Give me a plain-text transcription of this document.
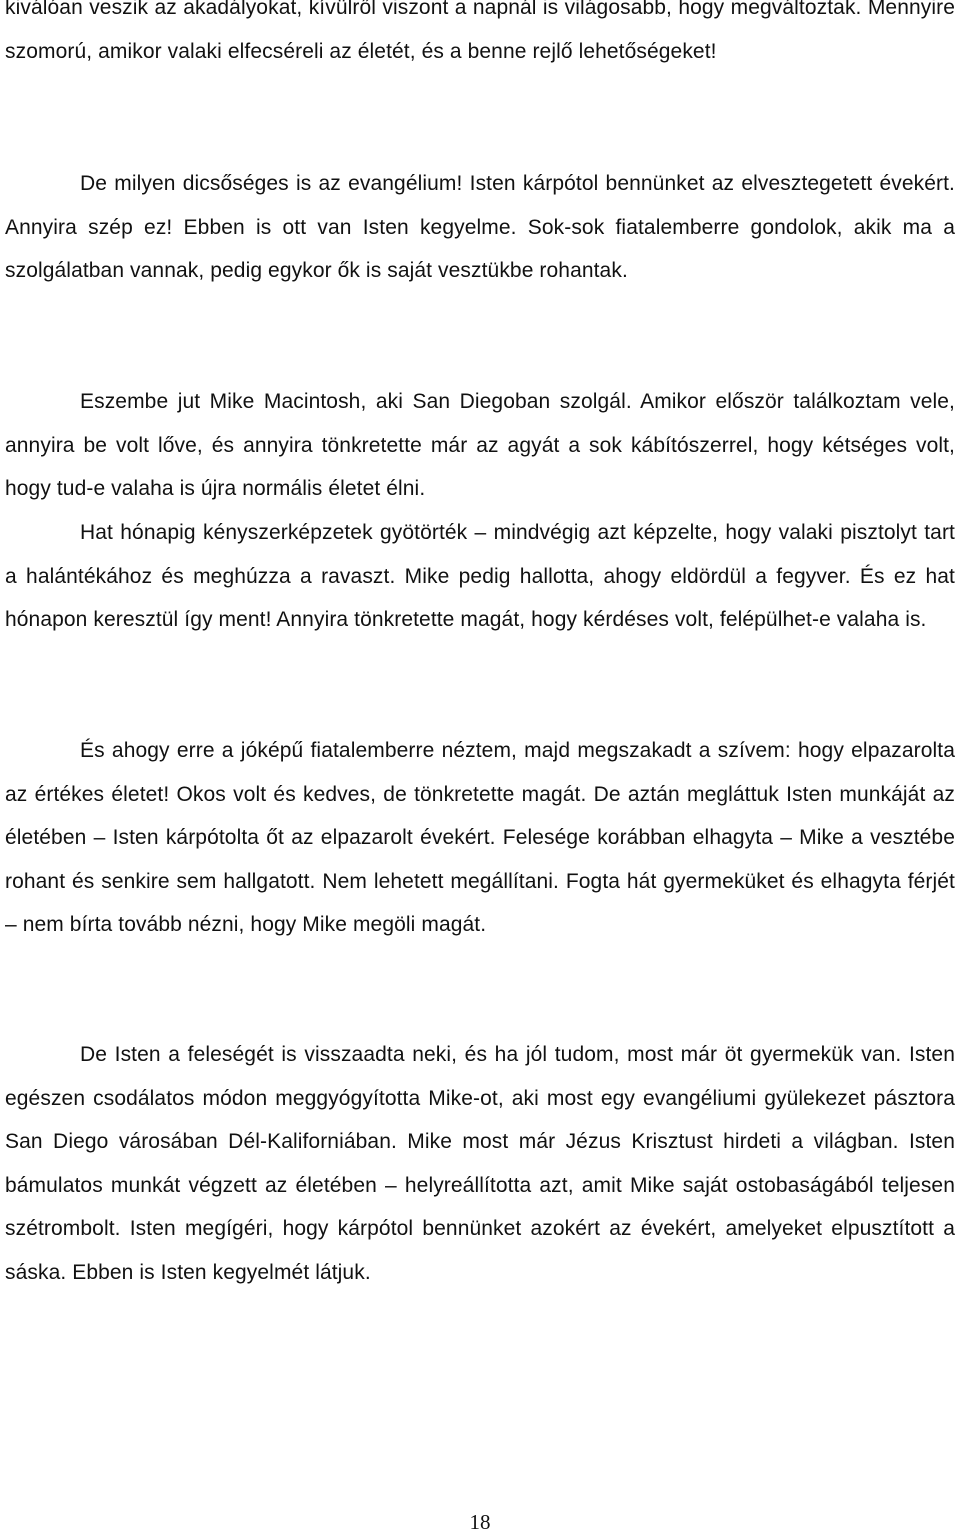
kiválóan veszik az akadályokat, kívülről viszont a napnál is világosabb, hogy megváltoztak. Mennyire szomorú, amikor valaki elfecséreli az életét, és a benne rejlő lehetőségeket!

De milyen dicsőséges is az evangélium! Isten kárpótol bennünket az elvesztegetett évekért. Annyira szép ez! Ebben is ott van Isten kegyelme. Sok-sok fiatalemberre gondolok, akik ma a szolgálatban vannak, pedig egykor ők is saját vesztükbe rohantak.

Eszembe jut Mike Macintosh, aki San Diegoban szolgál. Amikor először találkoztam vele, annyira be volt lőve, és annyira tönkretette már az agyát a sok kábítószerrel, hogy kétséges volt, hogy tud-e valaha is újra normális életet élni.

Hat hónapig kényszerképzetek gyötörték – mindvégig azt képzelte, hogy valaki pisztolyt tart a halántékához és meghúzza a ravaszt. Mike pedig hallotta, ahogy eldördül a fegyver. És ez hat hónapon keresztül így ment! Annyira tönkretette magát, hogy kérdéses volt, felépülhet-e valaha is.

És ahogy erre a jóképű fiatalemberre néztem, majd megszakadt a szívem: hogy elpazarolta az értékes életet! Okos volt és kedves, de tönkretette magát. De aztán megláttuk Isten munkáját az életében – Isten kárpótolta őt az elpazarolt évekért. Felesége korábban elhagyta – Mike a vesztébe rohant és senkire sem hallgatott. Nem lehetett megállítani. Fogta hát gyermeküket és elhagyta férjét – nem bírta tovább nézni, hogy Mike megöli magát.

De Isten a feleségét is visszaadta neki, és ha jól tudom, most már öt gyermekük van. Isten egészen csodálatos módon meggyógyította Mike-ot, aki most egy evangéliumi gyülekezet pásztora San Diego városában Dél-Kaliforniában. Mike most már Jézus Krisztust hirdeti a világban. Isten bámulatos munkát végzett az életében – helyreállította azt, amit Mike saját ostobaságából teljesen szétrombolt. Isten megígéri, hogy kárpótol bennünket azokért az évekért, amelyeket elpusztított a sáska. Ebben is Isten kegyelmét látjuk.

18
